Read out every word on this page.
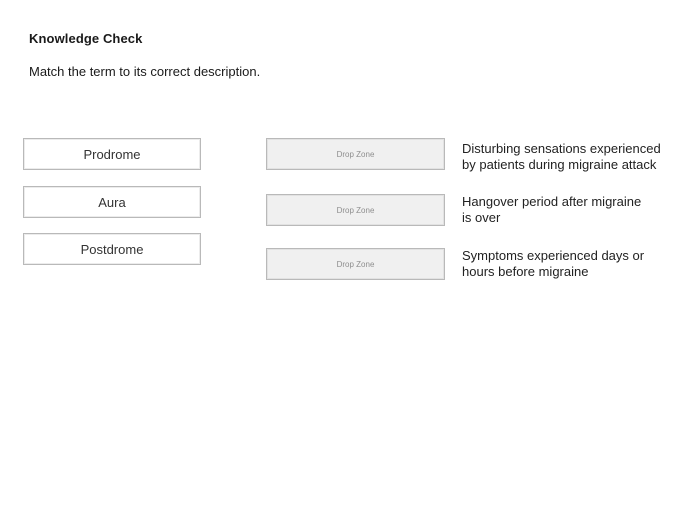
Knowledge Check
Match the term to its correct description.
Prodrome
Aura
Postdrome
Drop Zone
Drop Zone
Drop Zone
Disturbing sensations experienced
by patients during migraine attack
Hangover period after migraine
is over
Symptoms experienced days or
hours before migraine
